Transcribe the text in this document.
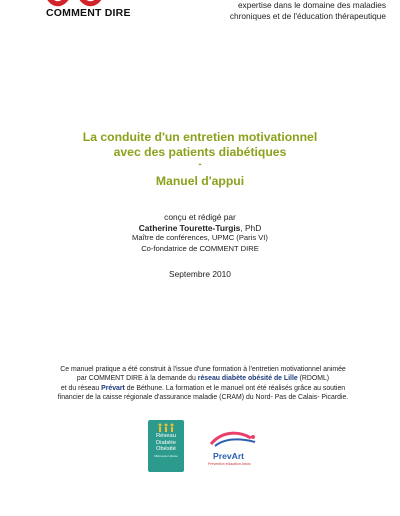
COMMENT DIRE
expertise dans le domaine des maladies
chroniques et de l'éducation thérapeutique
La conduite d'un entretien motivationnel
avec des patients diabétiques
-
Manuel d'appui
conçu et rédigé par
Catherine Tourette-Turgis, PhD
Maître de conférences, UPMC (Paris VI)
Co-fondatrice de COMMENT DIRE
Septembre 2010
Ce manuel pratique a été construit à l'issue d'une formation à l'entretien motivationnel animée
par COMMENT DIRE à la demande du réseau diabète obésité de Lille (RDOML)
et du réseau Prévart de Béthune. La formation et le manuel ont été réalisés grâce au soutien
financier de la caisse régionale d'assurance maladie (CRAM) du Nord- Pas de Calais- Picardie.
Réseau
Diabète
Obésité
Métropole Lilloise	PrevArt
Prévention éducation Artois
